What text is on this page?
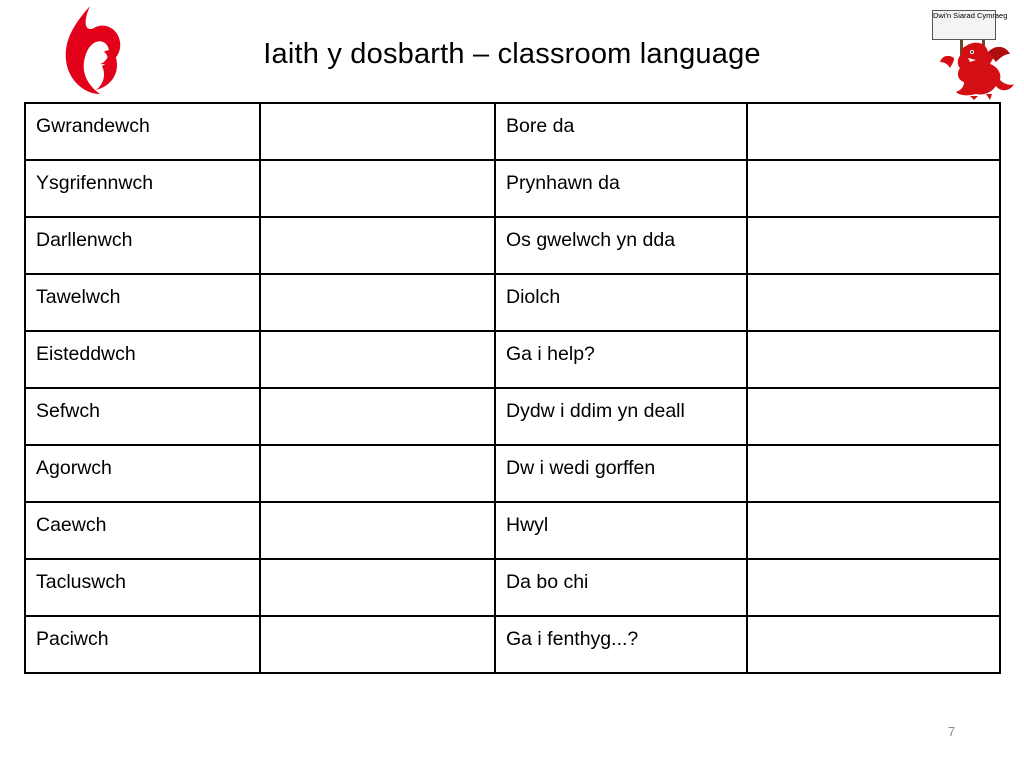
Iaith y dosbarth – classroom language
Dwi'n Siarad Cymraeg
Gwrandewch		Bore da	
Ysgrifennwch		Prynhawn da	
Darllenwch		Os gwelwch yn dda	
Tawelwch		Diolch	
Eisteddwch		Ga i help?	
Sefwch		Dydw i ddim yn deall	
Agorwch		Dw i wedi gorffen	
Caewch		Hwyl	
Tacluswch		Da bo chi	
Paciwch		Ga i fenthyg...?	
7
